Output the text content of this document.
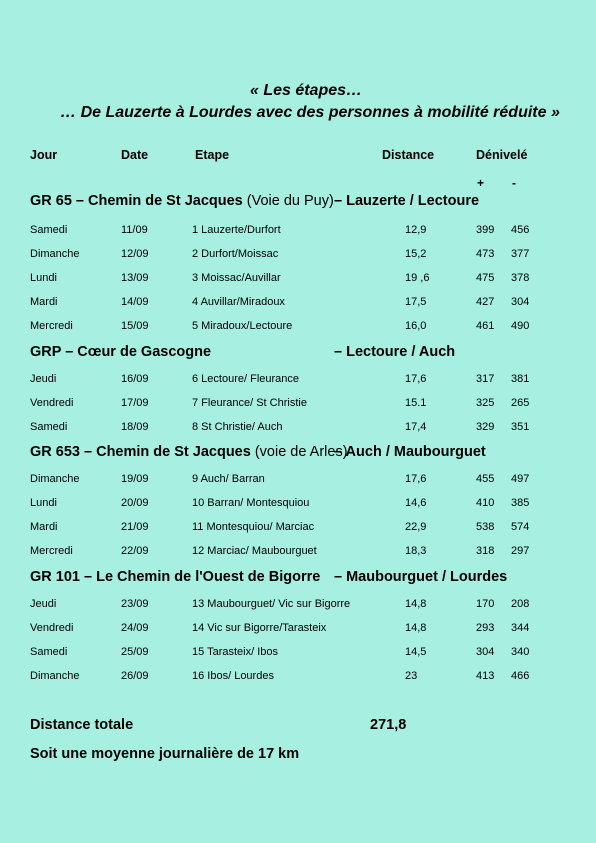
« Les étapes…
… De Lauzerte à Lourdes avec des personnes à mobilité réduite »
Jour	Date	Etape	Distance	Dénivelé
+ -
GR 65 – Chemin de St Jacques (Voie du Puy) – Lauzerte / Lectoure
Samedi	11/09	1 Lauzerte/Durfort	12,9	399 456
Dimanche	12/09	2 Durfort/Moissac	15,2	473 377
Lundi	13/09	3 Moissac/Auvillar	19 ,6	475 378
Mardi	14/09	4 Auvillar/Miradoux	17,5	427 304
Mercredi	15/09	5 Miradoux/Lectoure	16,0	461 490
GRP – Cœur de Gascogne	– Lectoure / Auch
Jeudi	16/09	6 Lectoure/ Fleurance	17,6	317 381
Vendredi	17/09	7 Fleurance/ St Christie	15.1	325 265
Samedi	18/09	8 St Christie/ Auch	17,4	329 351
GR 653 – Chemin de St Jacques (voie de Arles)
– Auch / Maubourguet
Dimanche	19/09	9 Auch/ Barran	17,6	455 497
Lundi	20/09	10 Barran/ Montesquiou	14,6	410 385
Mardi	21/09	11 Montesquiou/ Marciac	22,9	538 574
Mercredi	22/09	12 Marciac/ Maubourguet	18,3	318 297
GR 101 – Le Chemin de l'Ouest de Bigorre – Maubourguet / Lourdes
Jeudi	23/09	13 Maubourguet/ Vic sur Bigorre	14,8	170 208
Vendredi	24/09	14 Vic sur Bigorre/Tarasteix	14,8	293 344
Samedi	25/09	15 Tarasteix/ Ibos	14,5	304 340
Dimanche	26/09	16 Ibos/ Lourdes	23	413 466
Distance totale	271,8
Soit une moyenne journalière de 17 km
